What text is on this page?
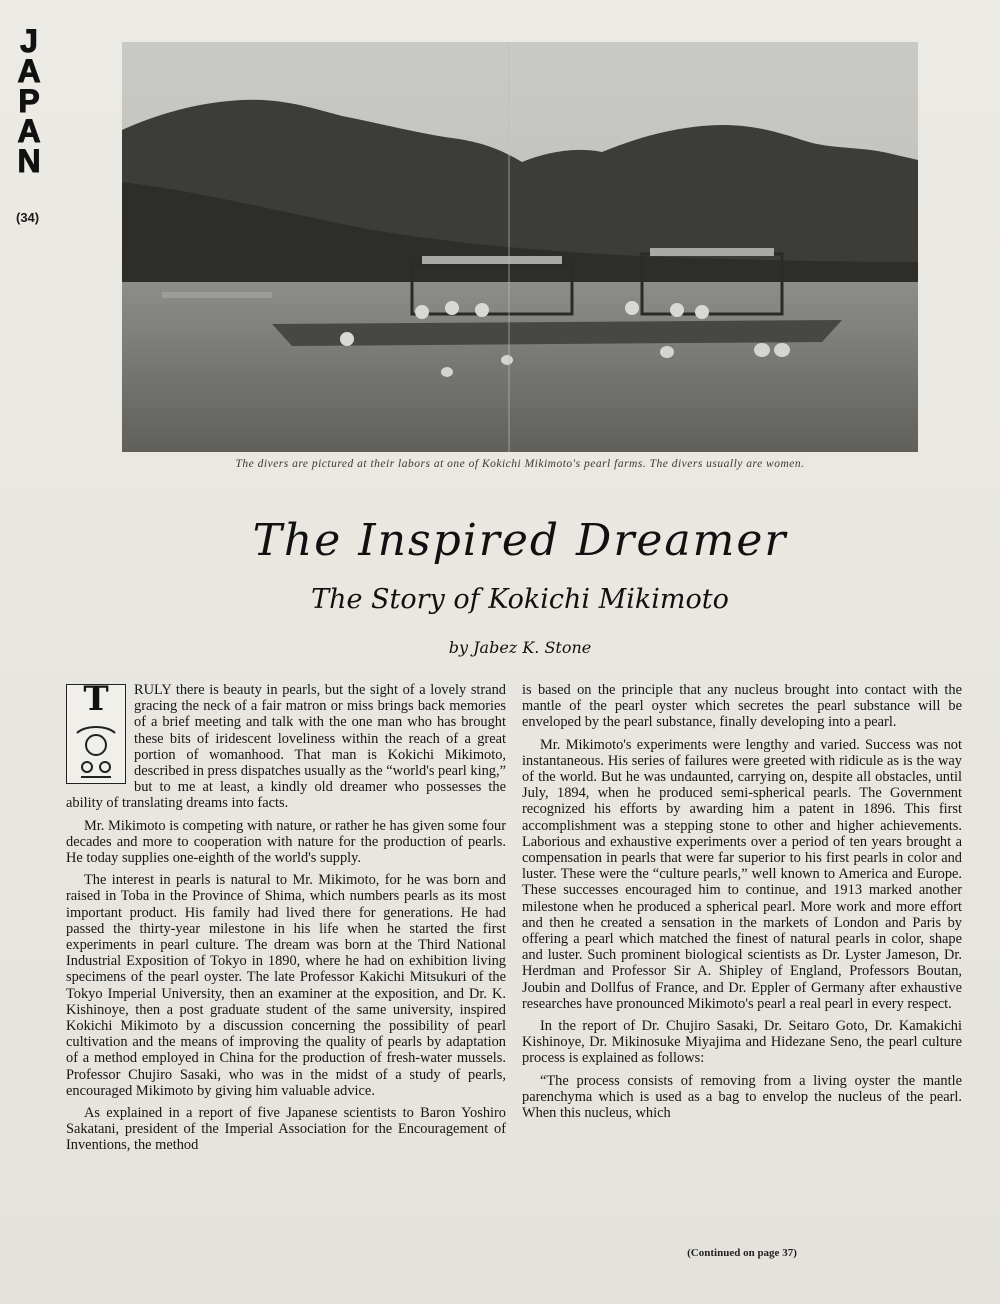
J
A
P
A
N
(34)
The divers are pictured at their labors at one of Kokichi Mikimoto's pearl farms. The divers usually are women.
The Inspired Dreamer
The Story of Kokichi Mikimoto
by Jabez K. Stone
T	RULY there is beauty in pearls, but the sight of a lovely strand gracing the neck of a fair matron or miss brings back memories of a brief meeting and talk with the one man who has brought these bits of iridescent loveliness within the reach of a great portion of womanhood. That man is Kokichi Mikimoto, described in press dispatches usually as the “world's pearl king,” but to me at least, a kindly old dreamer who possesses the ability of translating dreams into facts.

Mr. Mikimoto is competing with nature, or rather he has given some four decades and more to cooperation with nature for the production of pearls. He today supplies one-eighth of the world's supply.

The interest in pearls is natural to Mr. Mikimoto, for he was born and raised in Toba in the Province of Shima, which numbers pearls as its most important product. His family had lived there for generations. He had passed the thirty-year milestone in his life when he started the first experiments in pearl culture. The dream was born at the Third National Industrial Exposition of Tokyo in 1890, where he had on exhibition living specimens of the pearl oyster. The late Professor Kakichi Mitsukuri of the Tokyo Imperial University, then an examiner at the exposition, and Dr. K. Kishinoye, then a post graduate student of the same university, inspired Kokichi Mikimoto by a discussion concerning the possibility of pearl cultivation and the means of improving the quality of pearls by adaptation of a method employed in China for the production of fresh-water mussels. Professor Chujiro Sasaki, who was in the midst of a study of pearls, encouraged Mikimoto by giving him valuable advice.

As explained in a report of five Japanese scientists to Baron Yoshiro Sakatani, president of the Imperial Association for the Encouragement of Inventions, the method

is based on the principle that any nucleus brought into contact with the mantle of the pearl oyster which secretes the pearl substance will be enveloped by the pearl substance, finally developing into a pearl.

Mr. Mikimoto's experiments were lengthy and varied. Success was not instantaneous. His series of failures were greeted with ridicule as is the way of the world. But he was undaunted, carrying on, despite all obstacles, until July, 1894, when he produced semi-spherical pearls. The Government recognized his efforts by awarding him a patent in 1896. This first accomplishment was a stepping stone to other and higher achievements. Laborious and exhaustive experiments over a period of ten years brought a compensation in pearls that were far superior to his first pearls in color and luster. These were the “culture pearls,” well known to America and Europe. These successes encouraged him to continue, and 1913 marked another milestone when he produced a spherical pearl. More work and more effort and then he created a sensation in the markets of London and Paris by offering a pearl which matched the finest of natural pearls in color, shape and luster. Such prominent biological scientists as Dr. Lyster Jameson, Dr. Herdman and Professor Sir A. Shipley of England, Professors Boutan, Joubin and Dollfus of France, and Dr. Eppler of Germany after exhaustive researches have pronounced Mikimoto's pearl a real pearl in every respect.

In the report of Dr. Chujiro Sasaki, Dr. Seitaro Goto, Dr. Kamakichi Kishinoye, Dr. Mikinosuke Miyajima and Hidezane Seno, the pearl culture process is explained as follows:

“The process consists of removing from a living oyster the mantle parenchyma which is used as a bag to envelop the nucleus of the pearl. When this nucleus, which

(Continued on page 37)
